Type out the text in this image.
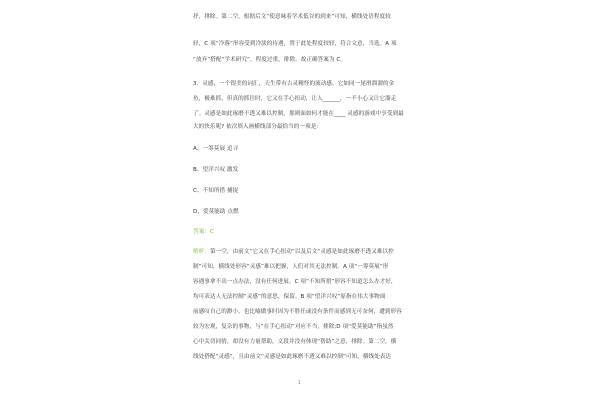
抒，排除。第二空，根据后文“使意味着学术低谷的到来”可知，横线处语程度较
轻，C 项“冷落”形容受到冷淡的待遇，置于此处程度较轻，符合文意，当选。A 项
“放弃”搭配“学术研究”，程度过重，排除。故正确答案为 C。
3．灵感，一个很美的词汇，天生带有古灵精怪的流动感。它如同一尾滑溜溜的金
鱼，极难抓，但真的抓往时，它又在手心扭动，让人______，一不小心又让它溜走
了。灵感是如此琢磨不透又难以控制，那则面如何才能在____ 灵感的游戏中享受到最
大的快乐呢? 依次填入画横线部分最恰当的一项是：
A、一筹莫展 追寻
B、望洋兴叹 激发
C、不知所措 捕捉
D、爱莫能助 点燃
答案：C
解析：第一空，由前文“它又在手心扭动”以及后文“灵感是如此琢磨不透又难以控
制”可知，横线处形容“灵感”难以把握，人们对其无法控制。A 项“一筹莫展”形
容遇事拿不出一点办法，没有任何进展，C 项“不知所措”形容不知道怎么办才好，
均可表达人无法控制“灵感”的意思，保留。B 项“望洋兴叹”原指在伟大事物面
前感叹自己的渺小，也比喻做事时因为不胜任或没有条件而感到无可奈何，遭到形容
较为宏观，复杂的事物，与“在手心扭动”对应不当，排除;D 项“爱莫能助”指虽然
心中关切同情，却没有力量帮助，文段并没有体现“帮助”之意，排除。第二空，横
线处搭配“灵感”，且由前文“灵感是如此琢磨不透又难以控制”可知，横线处表达
1
